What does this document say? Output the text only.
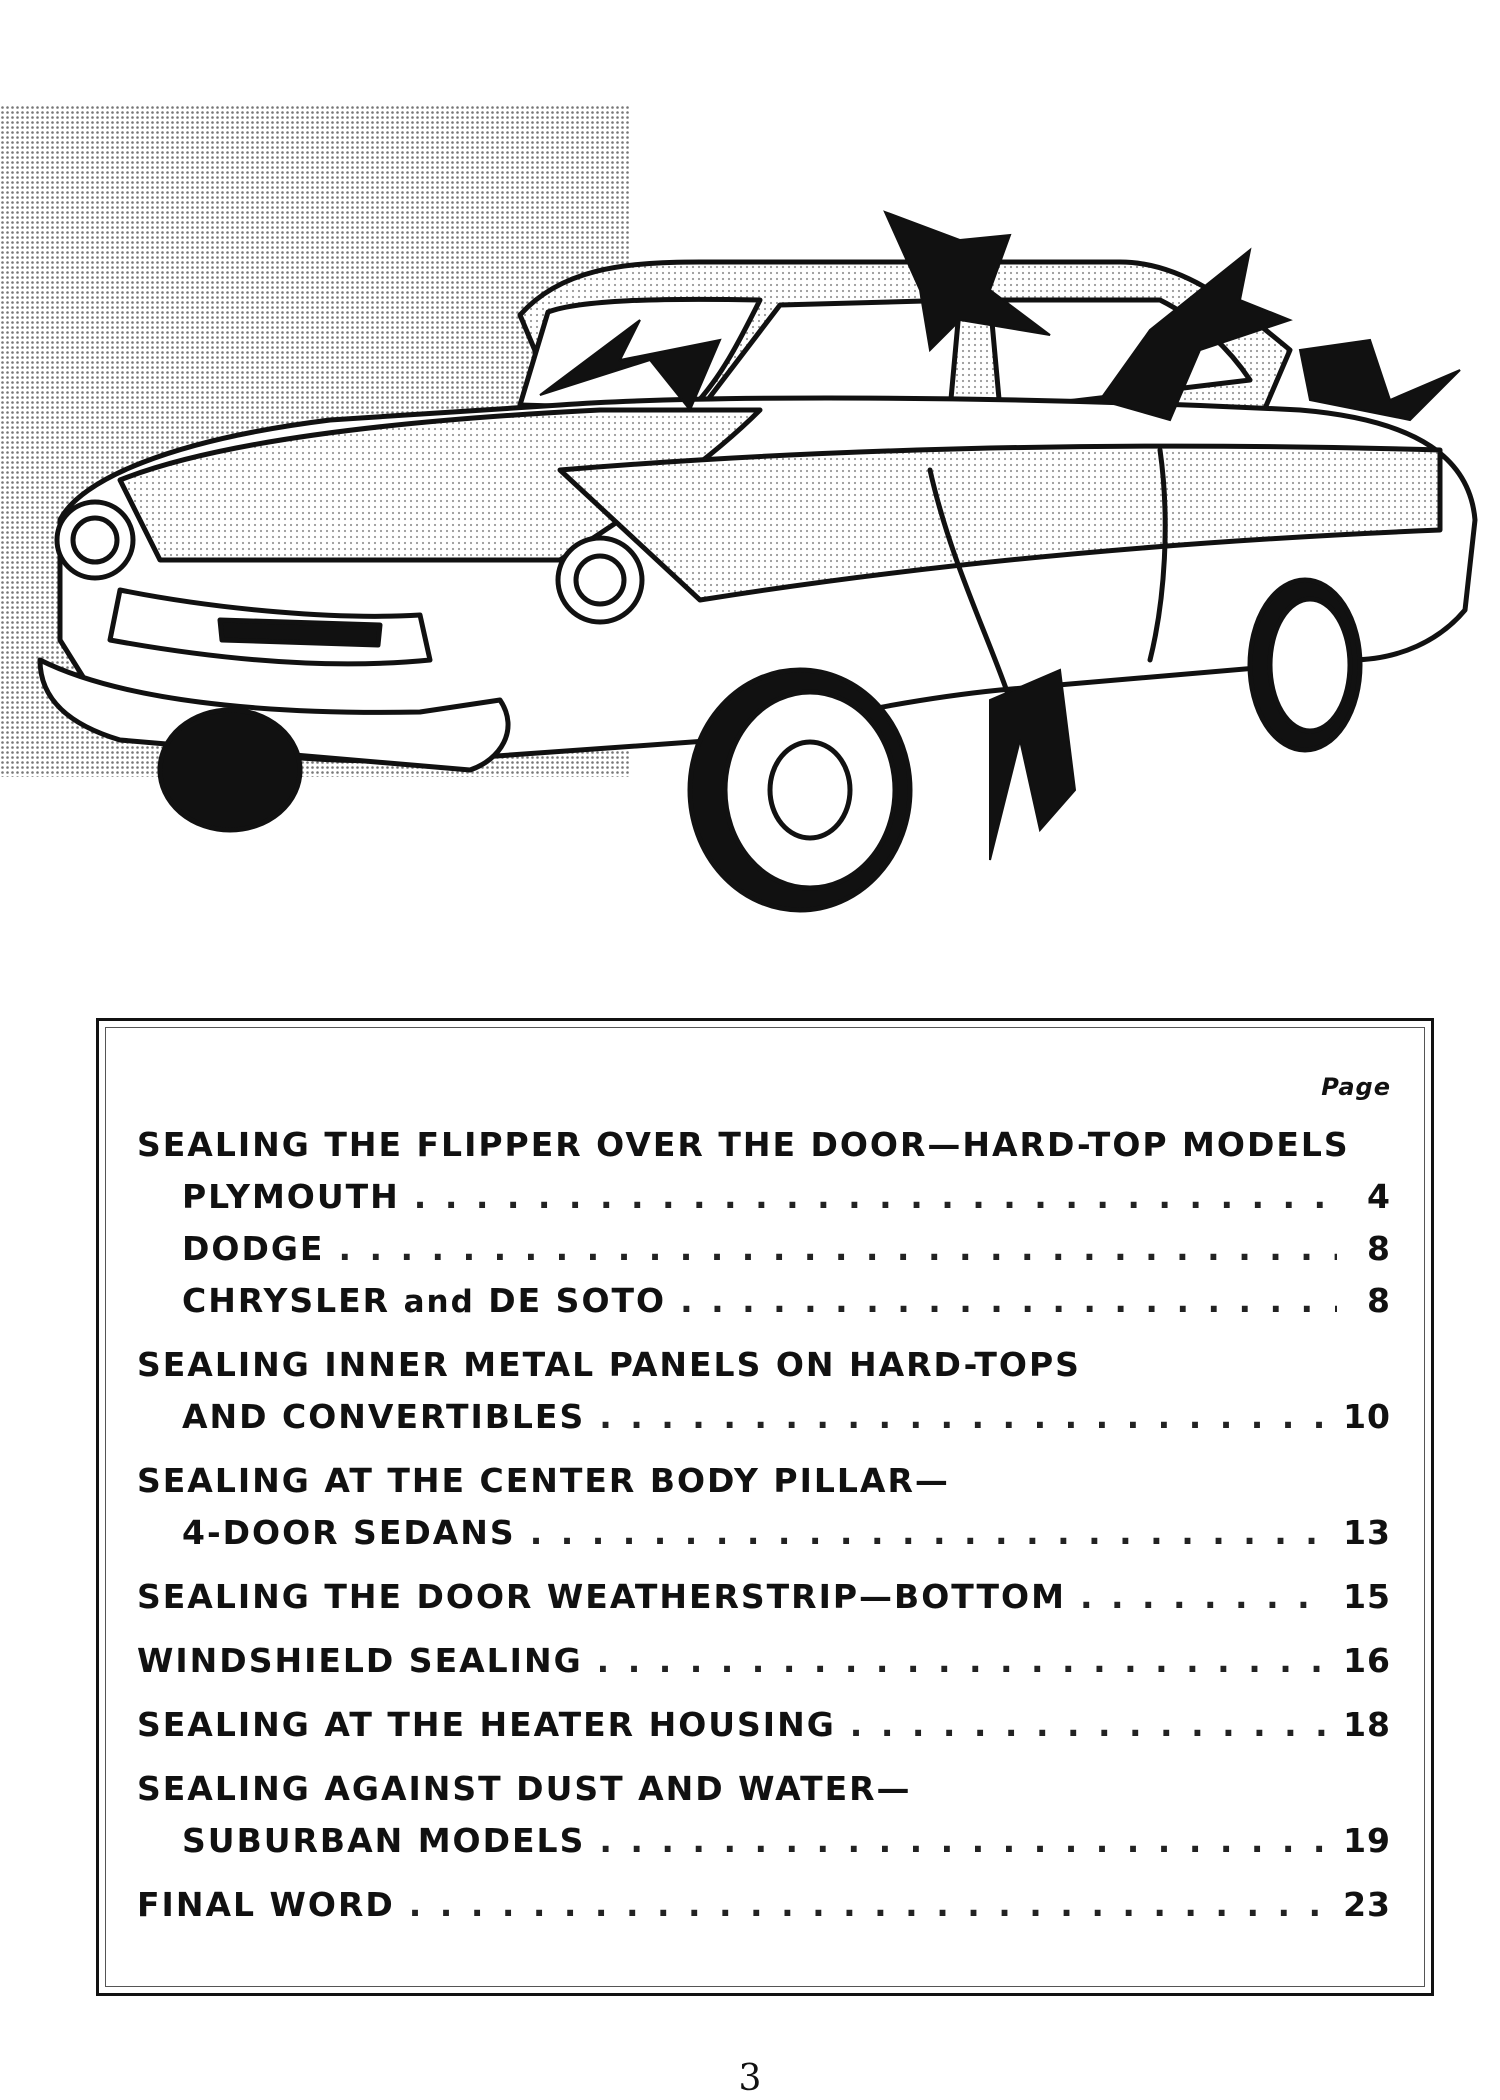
Page
SEALING THE FLIPPER OVER THE DOOR—HARD-TOP MODELS
PLYMOUTH . . .	4
DODGE . . .	8
CHRYSLER and DE SOTO . . .	8
SEALING INNER METAL PANELS ON HARD-TOPS
AND CONVERTIBLES . . .	10
SEALING AT THE CENTER BODY PILLAR—
4-DOOR SEDANS . . .	13
SEALING THE DOOR WEATHERSTRIP—BOTTOM . . .	15
WINDSHIELD SEALING . . .	16
SEALING AT THE HEATER HOUSING . . .	18
SEALING AGAINST DUST AND WATER—
SUBURBAN MODELS . . .	19
FINAL WORD . . .	23
3
